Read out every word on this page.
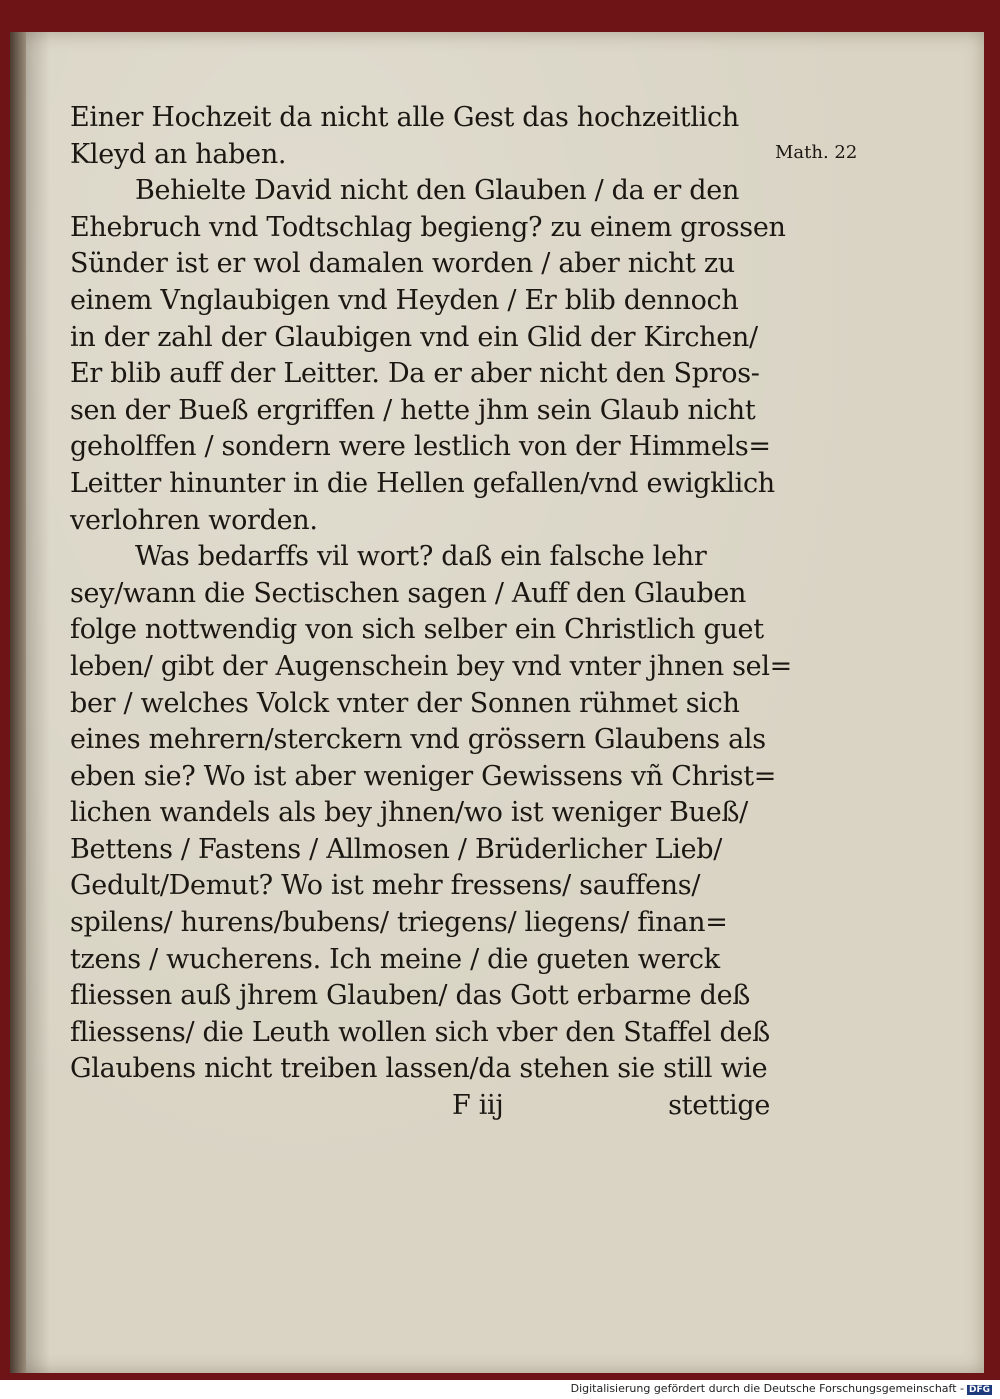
Math. 22
Einer Hochzeit da nicht alle Gest das hochzeitlich
Kleyd an haben.
Behielte David nicht den Glauben / da er den
Ehebruch vnd Todtschlag begieng? zu einem grossen
Sünder ist er wol damalen worden / aber nicht zu
einem Vnglaubigen vnd Heyden / Er blib dennoch
in der zahl der Glaubigen vnd ein Glid der Kirchen/
Er blib auff der Leitter. Da er aber nicht den Spros-
sen der Bueß ergriffen / hette jhm sein Glaub nicht
geholffen / sondern were lestlich von der Himmels=
Leitter hinunter in die Hellen gefallen/vnd ewigklich
verlohren worden.
Was bedarffs vil wort? daß ein falsche lehr
sey/wann die Sectischen sagen / Auff den Glauben
folge nottwendig von sich selber ein Christlich guet
leben/ gibt der Augenschein bey vnd vnter jhnen sel=
ber / welches Volck vnter der Sonnen rühmet sich
eines mehrern/sterckern vnd grössern Glaubens als
eben sie? Wo ist aber weniger Gewissens vñ Christ=
lichen wandels als bey jhnen/wo ist weniger Bueß/
Bettens / Fastens / Allmosen / Brüderlicher Lieb/
Gedult/Demut? Wo ist mehr fressens/ sauffens/
spilens/ hurens/bubens/ triegens/ liegens/ finan=
tzens / wucherens. Ich meine / die gueten werck
fliessen auß jhrem Glauben/ das Gott erbarme deß
fliessens/ die Leuth wollen sich vber den Staffel deß
Glaubens nicht treiben lassen/da stehen sie still wie
F iij	stettige
Digitalisierung gefördert durch die Deutsche Forschungsgemeinschaft - DFG
